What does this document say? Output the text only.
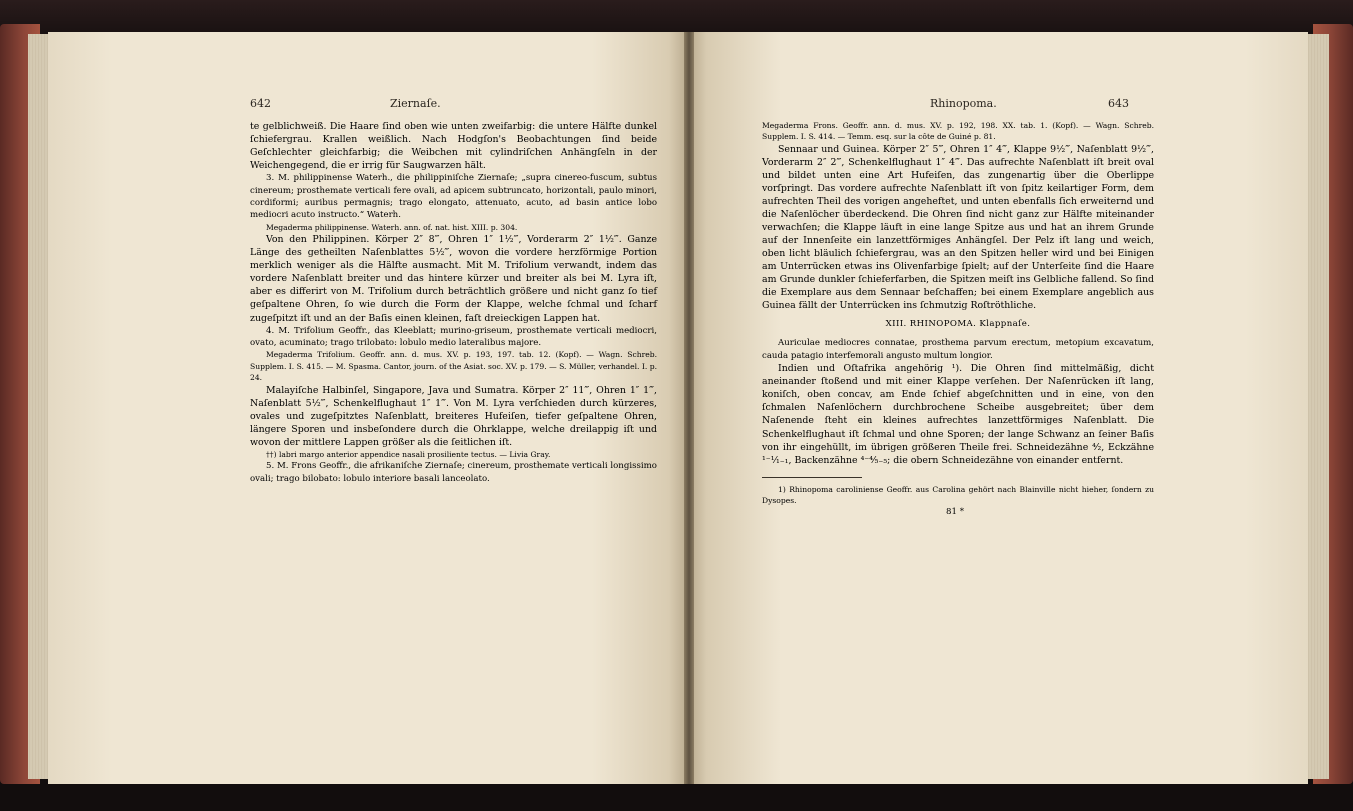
642	Ziernaſe.	Rhinopoma.	643

te gelblichweiß. Die Haare ſind oben wie unten zweifarbig: die untere Hälfte dunkel ſchiefergrau. Krallen weißlich. Nach Hodgſon's Beobachtungen ſind beide Geſchlechter gleichfarbig; die Weibchen mit cylindriſchen Anhängſeln in der Weichengegend, die er irrig für Saugwarzen hält.

3. M. philippinense Waterh., die philippiniſche Ziernaſe; „supra cinereo-fuscum, subtus cinereum; prosthemate verticali fere ovali, ad apicem subtruncato, horizontali, paulo minori, cordiformi; auribus permagnis; trago elongato, attenuato, acuto, ad basin antice lobo mediocri acuto instructo.“ Waterh.

Megaderma philippinense. Waterh. ann. of. nat. hist. XIII. p. 304.

Von den Philippinen. Körper 2″ 8‴, Ohren 1″ 1½‴, Vorderarm 2″ 1½‴. Ganze Länge des getheilten Naſenblattes 5½‴, wovon die vordere herzförmige Portion merklich weniger als die Hälfte ausmacht. Mit M. Trifolium verwandt, indem das vordere Naſenblatt breiter und das hintere kürzer und breiter als bei M. Lyra iſt, aber es differirt von M. Trifolium durch beträchtlich größere und nicht ganz ſo tief geſpaltene Ohren, ſo wie durch die Form der Klappe, welche ſchmal und ſcharf zugeſpitzt iſt und an der Baſis einen kleinen, faſt dreieckigen Lappen hat.

4. M. Trifolium Geoffr., das Kleeblatt; murino-griseum, prosthemate verticali mediocri, ovato, acuminato; trago trilobato: lobulo medio lateralibus majore.

Megaderma Trifolium. Geoffr. ann. d. mus. XV. p. 193, 197. tab. 12. (Kopf). — Wagn. Schreb. Supplem. I. S. 415. — M. Spasma. Cantor, journ. of the Asiat. soc. XV. p. 179. — S. Müller, verhandel. I. p. 24.

Malayiſche Halbinſel, Singapore, Java und Sumatra. Körper 2″ 11‴, Ohren 1″ 1‴, Naſenblatt 5½‴, Schenkelflughaut 1″ 1‴. Von M. Lyra verſchieden durch kürzeres, ovales und zugeſpitztes Naſenblatt, breiteres Hufeiſen, tiefer geſpaltene Ohren, längere Sporen und insbeſondere durch die Ohrklappe, welche dreilappig iſt und wovon der mittlere Lappen größer als die ſeitlichen iſt.

††) labri margo anterior appendice nasali prosiliente tectus. — Livia Gray.

5. M. Frons Geoffr., die afrikaniſche Ziernaſe; cinereum, prosthemate verticali longissimo ovali; trago bilobato: lobulo interiore basali lanceolato.

Megaderma Frons. Geoffr. ann. d. mus. XV. p. 192, 198. XX. tab. 1. (Kopf). — Wagn. Schreb. Supplem. I. S. 414. — Temm. esq. sur la côte de Guiné p. 81.

Sennaar und Guinea. Körper 2″ 5‴, Ohren 1″ 4‴, Klappe 9½‴, Naſenblatt 9½‴, Vorderarm 2″ 2‴, Schenkelflughaut 1″ 4‴. Das aufrechte Naſenblatt iſt breit oval und bildet unten eine Art Hufeiſen, das zungenartig über die Oberlippe vorſpringt. Das vordere aufrechte Naſenblatt iſt von ſpitz keilartiger Form, dem aufrechten Theil des vorigen angeheftet, und unten ebenfalls ſich erweiternd und die Naſenlöcher überdeckend. Die Ohren ſind nicht ganz zur Hälfte miteinander verwachſen; die Klappe läuft in eine lange Spitze aus und hat an ihrem Grunde auf der Innenſeite ein lanzettförmiges Anhängſel. Der Pelz iſt lang und weich, oben licht bläulich ſchiefergrau, was an den Spitzen heller wird und bei Einigen am Unterrücken etwas ins Olivenfarbige ſpielt; auf der Unterſeite ſind die Haare am Grunde dunkler ſchieferfarben, die Spitzen meiſt ins Gelbliche fallend. So ſind die Exemplare aus dem Sennaar beſchaffen; bei einem Exemplare angeblich aus Guinea fällt der Unterrücken ins ſchmutzig Roſtröthliche.

XIII. RHINOPOMA. Klappnaſe.

Auriculae mediocres connatae, prosthema parvum erectum, metopium excavatum, cauda patagio interfemorali angusto multum longior.

Indien und Oſtafrika angehörig ¹). Die Ohren ſind mittelmäßig, dicht aneinander ſtoßend und mit einer Klappe verſehen. Der Naſenrücken iſt lang, koniſch, oben concav, am Ende ſchief abgeſchnitten und in eine, von den ſchmalen Naſenlöchern durchbrochene Scheibe ausgebreitet; über dem Naſenende ſteht ein kleines aufrechtes lanzettförmiges Naſenblatt. Die Schenkelflughaut iſt ſchmal und ohne Sporen; der lange Schwanz an ſeiner Baſis von ihr eingehüllt, im übrigen größeren Theile frei. Schneidezähne ⁴⁄₂, Eckzähne ¹⁻¹⁄₁₋₁, Backenzähne ⁴⁻⁴⁄₅₋₅; die obern Schneidezähne von einander entfernt.

1) Rhinopoma caroliniense Geoffr. aus Carolina gehört nach Blainville nicht hieher, ſondern zu Dysopes.

81 *
